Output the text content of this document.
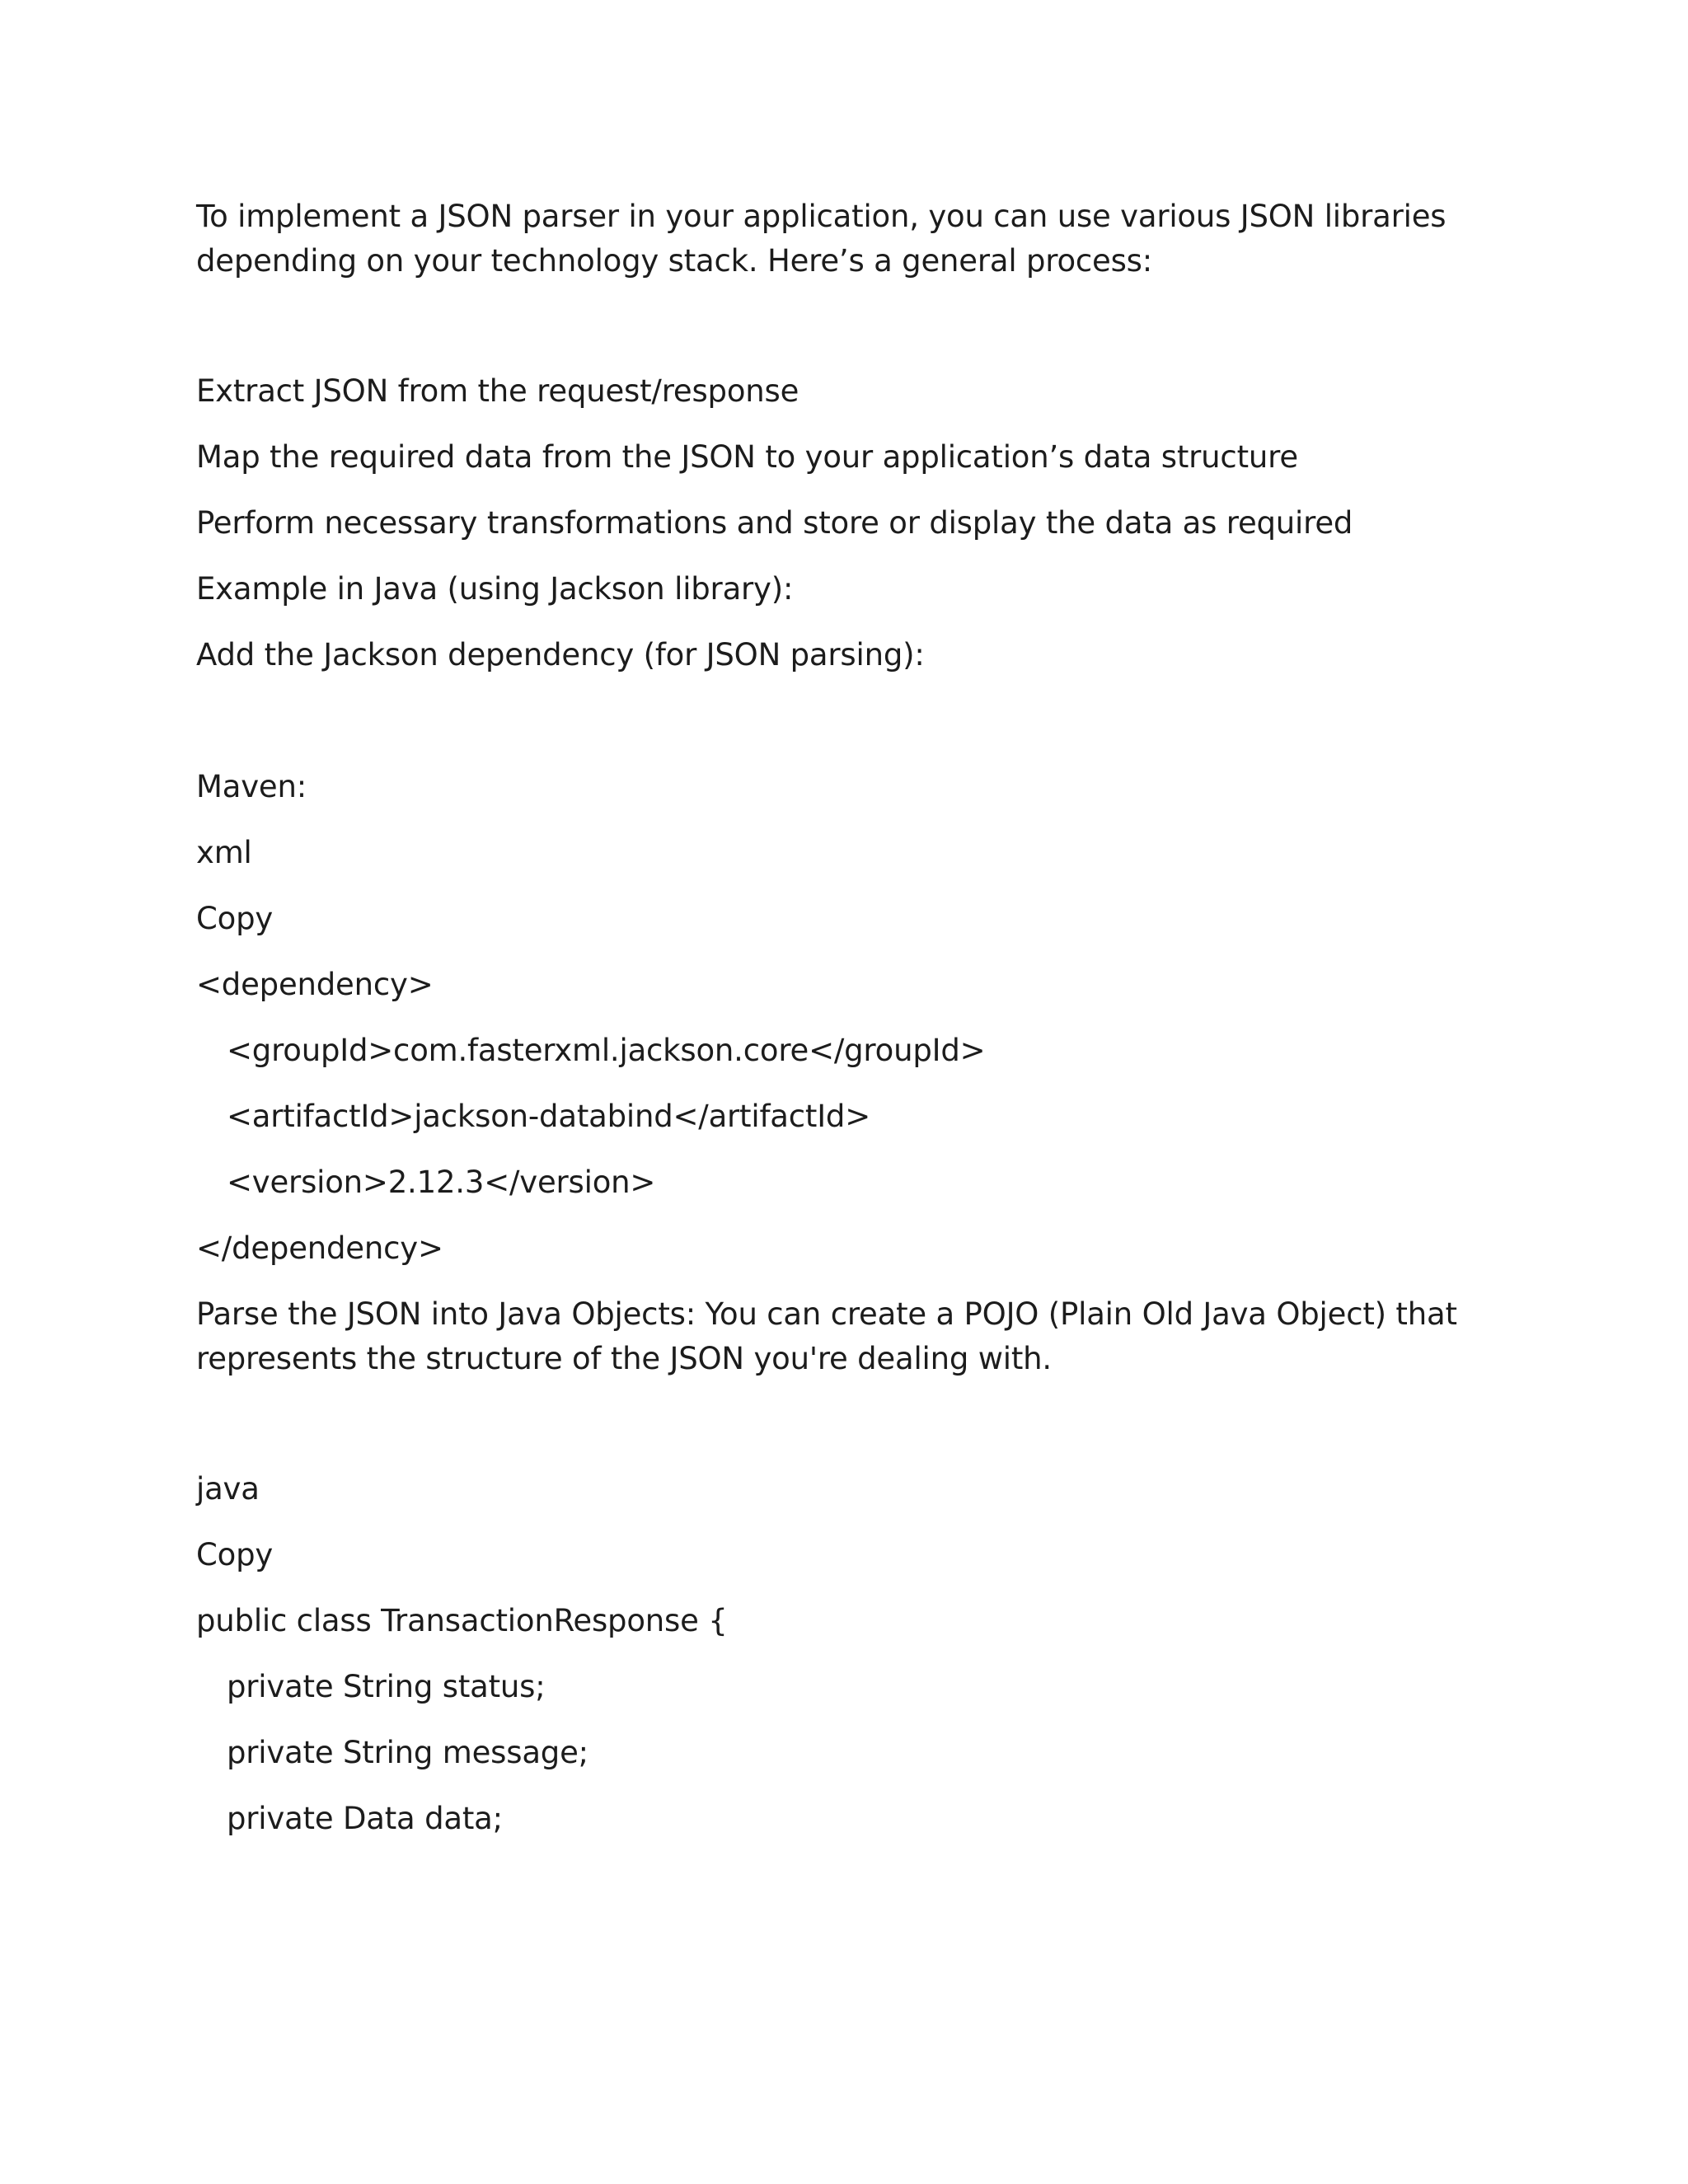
To implement a JSON parser in your application, you can use various JSON libraries depending on your technology stack. Here’s a general process:
Extract JSON from the request/response
Map the required data from the JSON to your application’s data structure
Perform necessary transformations and store or display the data as required
Example in Java (using Jackson library):
Add the Jackson dependency (for JSON parsing):
Maven:
xml
Copy
<dependency>
<groupId>com.fasterxml.jackson.core</groupId>
<artifactId>jackson-databind</artifactId>
<version>2.12.3</version>
</dependency>
Parse the JSON into Java Objects: You can create a POJO (Plain Old Java Object) that represents the structure of the JSON you're dealing with.
java
Copy
public class TransactionResponse {
private String status;
private String message;
private Data data;
